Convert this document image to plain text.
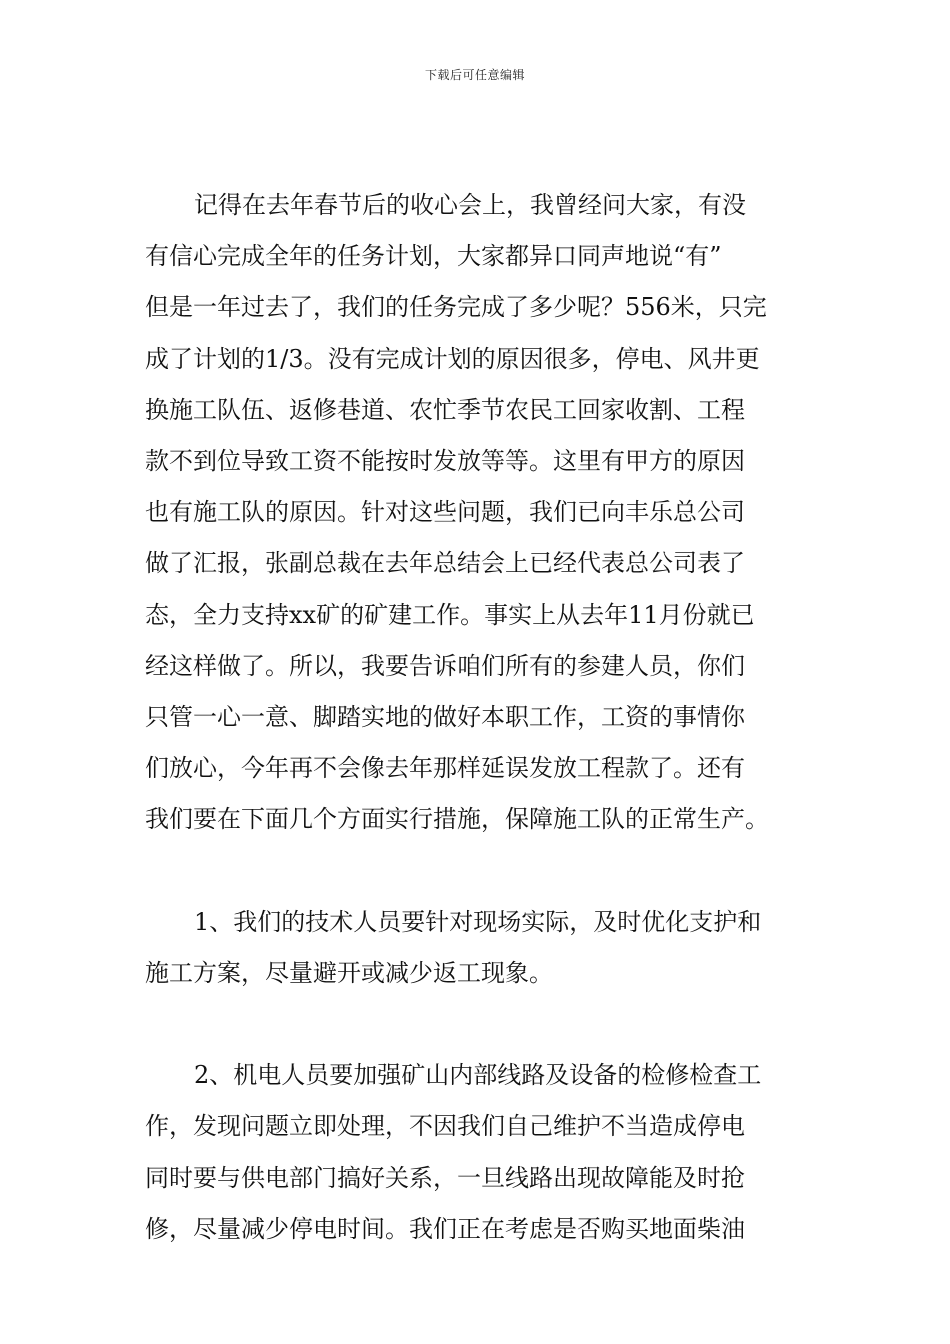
下载后可任意编辑
记得在去年春节后的收心会上，我曾经问大家，有没
有信心完成全年的任务计划，大家都异口同声地说“有”
但是一年过去了，我们的任务完成了多少呢？556米，只完
成了计划的1/3。没有完成计划的原因很多，停电、风井更
换施工队伍、返修巷道、农忙季节农民工回家收割、工程
款不到位导致工资不能按时发放等等。这里有甲方的原因
也有施工队的原因。针对这些问题，我们已向丰乐总公司
做了汇报，张副总裁在去年总结会上已经代表总公司表了
态，全力支持xx矿的矿建工作。事实上从去年11月份就已
经这样做了。所以，我要告诉咱们所有的参建人员，你们
只管一心一意、脚踏实地的做好本职工作，工资的事情你
们放心，今年再不会像去年那样延误发放工程款了。还有
我们要在下面几个方面实行措施，保障施工队的正常生产。
1、我们的技术人员要针对现场实际，及时优化支护和
施工方案，尽量避开或减少返工现象。
2、机电人员要加强矿山内部线路及设备的检修检查工
作，发现问题立即处理，不因我们自己维护不当造成停电
同时要与供电部门搞好关系，一旦线路出现故障能及时抢
修，尽量减少停电时间。我们正在考虑是否购买地面柴油
